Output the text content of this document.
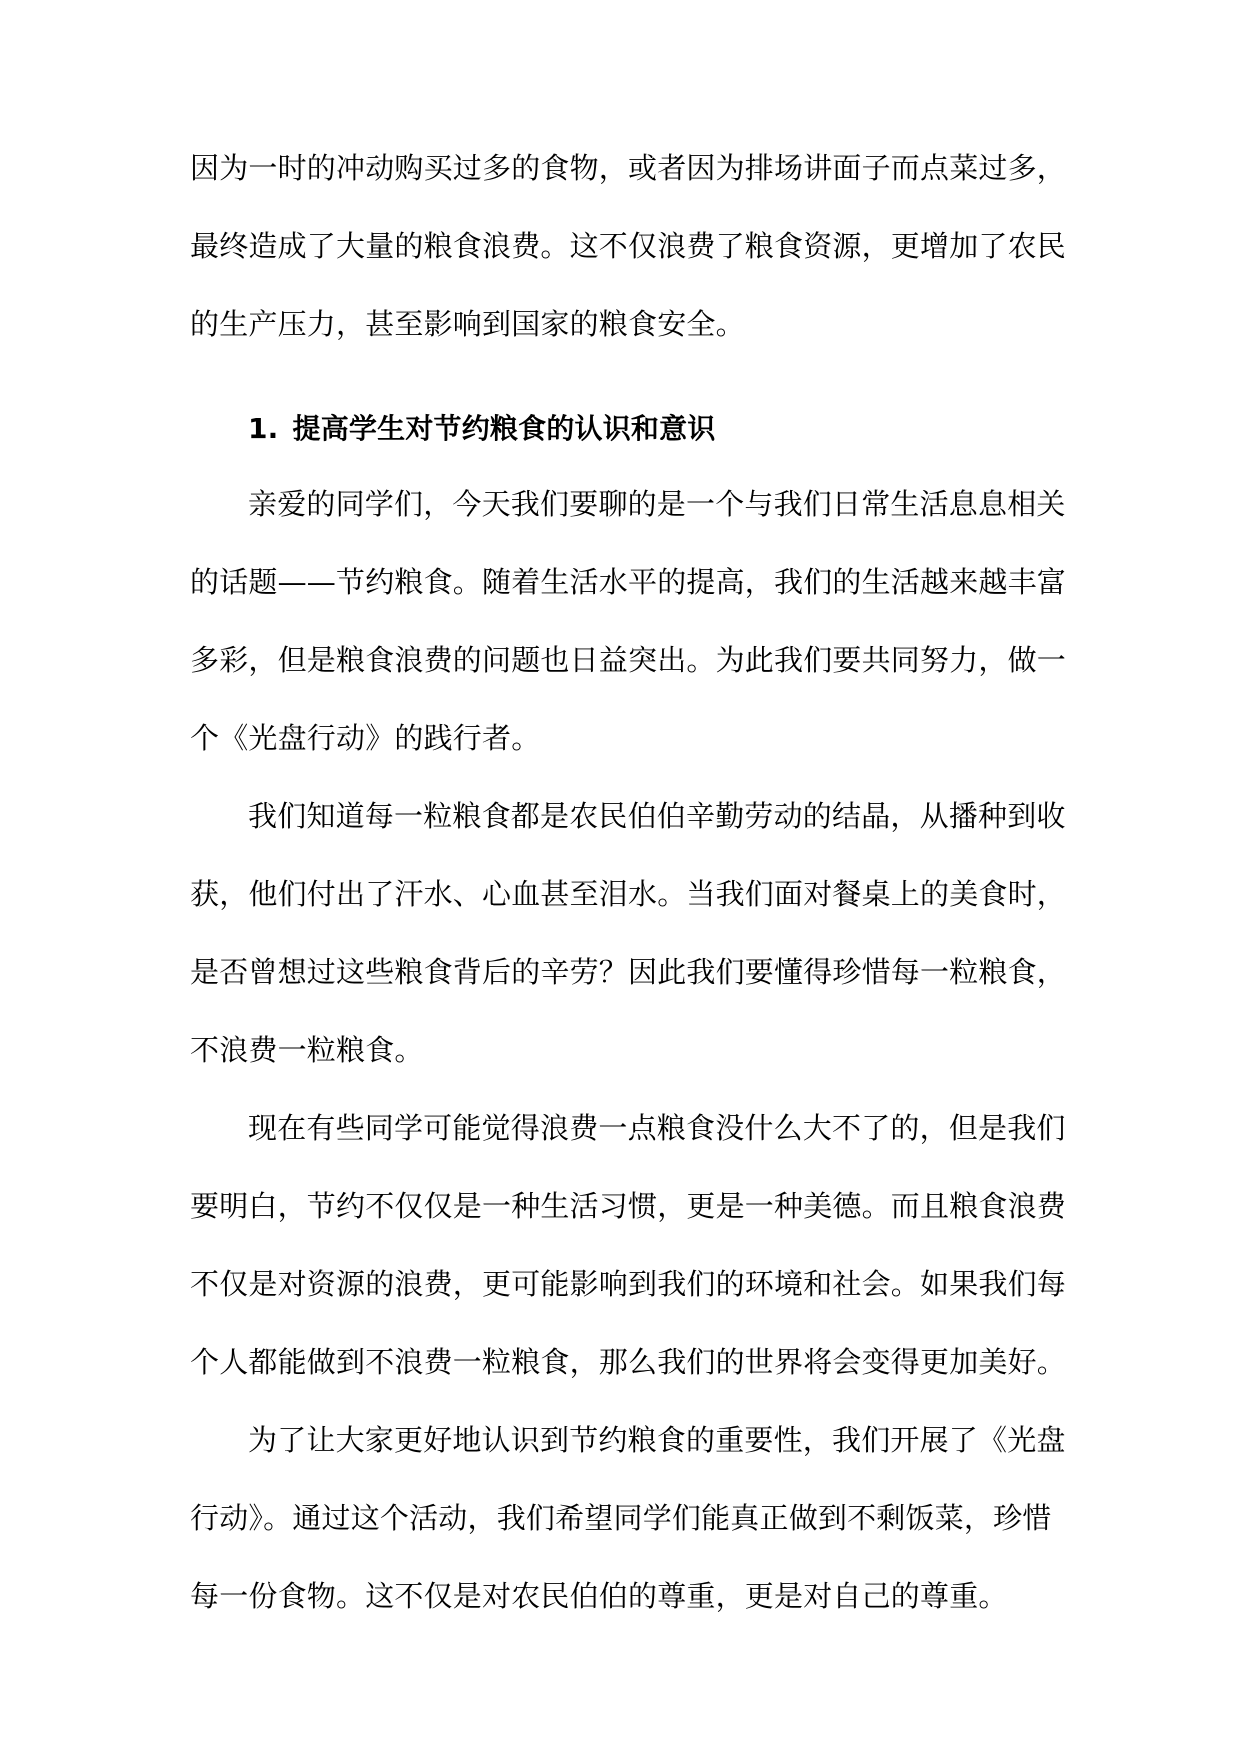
因为一时的冲动购买过多的食物，或者因为排场讲面子而点菜过多，
最终造成了大量的粮食浪费。这不仅浪费了粮食资源，更增加了农民
的生产压力，甚至影响到国家的粮食安全。
1. 提高学生对节约粮食的认识和意识
亲爱的同学们，今天我们要聊的是一个与我们日常生活息息相关
的话题——节约粮食。随着生活水平的提高，我们的生活越来越丰富
多彩，但是粮食浪费的问题也日益突出。为此我们要共同努力，做一
个《光盘行动》的践行者。
我们知道每一粒粮食都是农民伯伯辛勤劳动的结晶，从播种到收
获，他们付出了汗水、心血甚至泪水。当我们面对餐桌上的美食时，
是否曾想过这些粮食背后的辛劳？因此我们要懂得珍惜每一粒粮食，
不浪费一粒粮食。
现在有些同学可能觉得浪费一点粮食没什么大不了的，但是我们
要明白，节约不仅仅是一种生活习惯，更是一种美德。而且粮食浪费
不仅是对资源的浪费，更可能影响到我们的环境和社会。如果我们每
个人都能做到不浪费一粒粮食，那么我们的世界将会变得更加美好。
为了让大家更好地认识到节约粮食的重要性，我们开展了《光盘
行动》。通过这个活动，我们希望同学们能真正做到不剩饭菜，珍惜
每一份食物。这不仅是对农民伯伯的尊重，更是对自己的尊重。
